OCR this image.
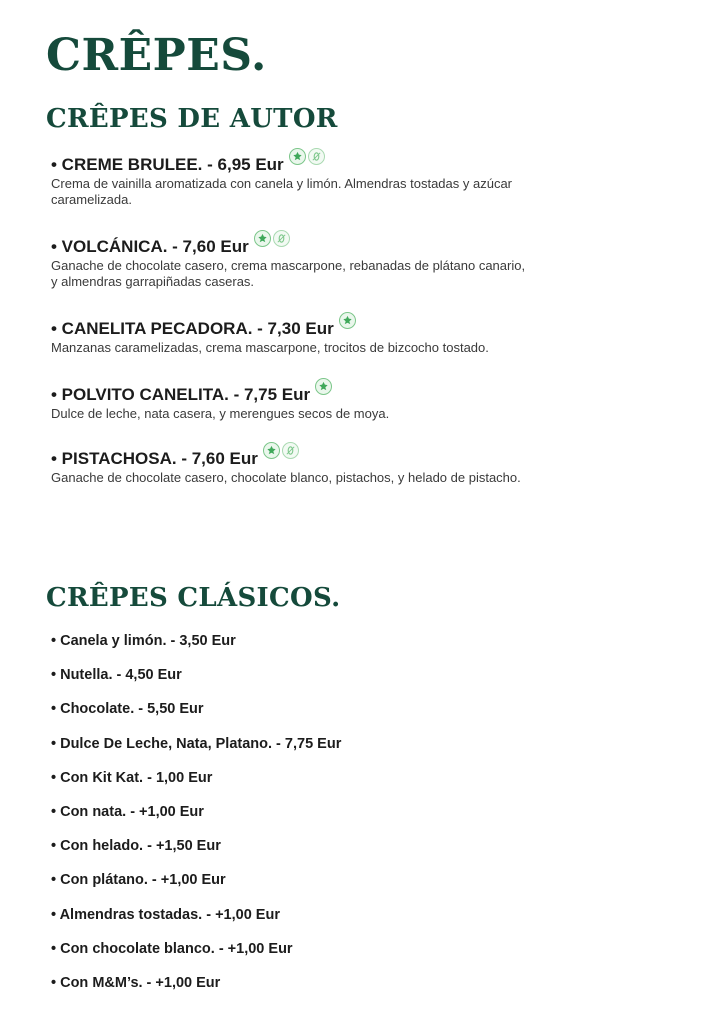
CRÊPES.
CRÊPES DE AUTOR
• CREME BRULEE. - 6,95 Eur

Crema de vainilla aromatizada con canela y limón. Almendras tostadas y azúcar caramelizada.

• VOLCÁNICA. - 7,60 Eur

Ganache de chocolate casero, crema mascarpone, rebanadas de plátano canario, y almendras garrapiñadas caseras.

• CANELITA PECADORA. - 7,30 Eur

Manzanas caramelizadas, crema mascarpone, trocitos de bizcocho tostado.

• POLVITO CANELITA. - 7,75 Eur

Dulce de leche, nata casera, y merengues secos de moya.

• PISTACHOSA. - 7,60 Eur

Ganache de chocolate casero, chocolate blanco, pistachos, y helado de pistacho.

CRÊPES CLÁSICOS.
• Canela y limón. - 3,50 Eur
• Nutella. - 4,50 Eur
• Chocolate. - 5,50 Eur
• Dulce De Leche, Nata, Platano. - 7,75 Eur
• Con Kit Kat. - 1,00 Eur
• Con nata. - +1,00 Eur
• Con helado. - +1,50 Eur
• Con plátano. - +1,00 Eur
• Almendras tostadas. - +1,00 Eur
• Con chocolate blanco. - +1,00 Eur
• Con M&M’s. - +1,00 Eur
